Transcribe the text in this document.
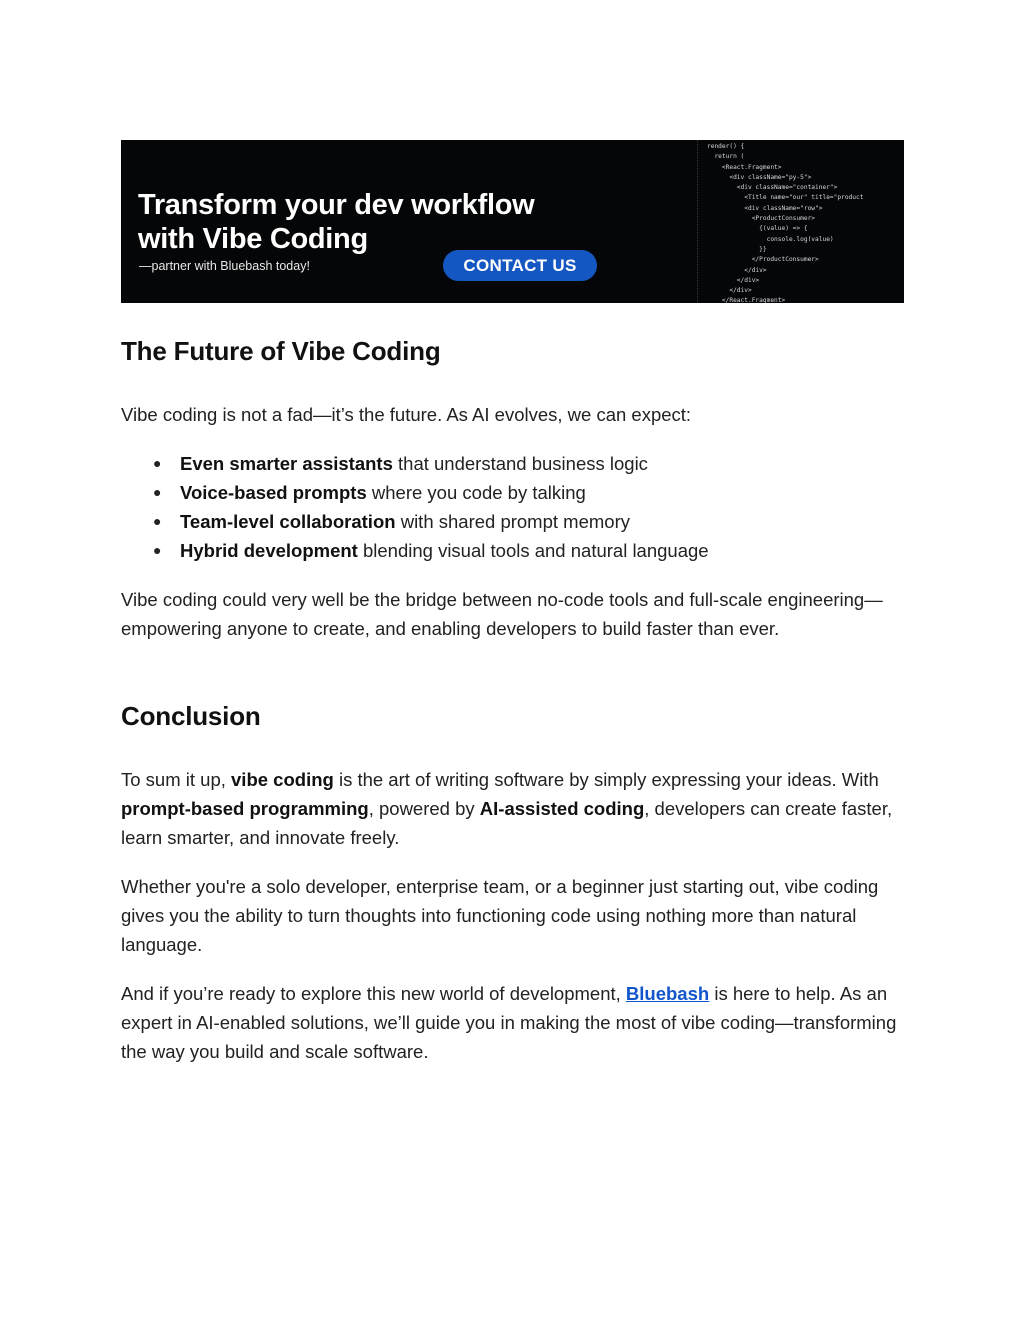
Transform your dev workflow
with Vibe Coding
—partner with Bluebash today!	CONTACT US
render() {
return (
<React.Fragment>
<div className="py-5">
<div className="container">
<Title name="our" title="product
<div className="row">
<ProductConsumer>
{(value) => {
console.log(value)
}}
</ProductConsumer>
</div>
</div>
</div>
</React.Fragment>
The Future of Vibe Coding

Vibe coding is not a fad—it’s the future. As AI evolves, we can expect:

● Even smarter assistants that understand business logic
● Voice-based prompts where you code by talking
● Team-level collaboration with shared prompt memory
● Hybrid development blending visual tools and natural language

Vibe coding could very well be the bridge between no-code tools and full-scale engineering—empowering anyone to create, and enabling developers to build faster than ever.

Conclusion

To sum it up, vibe coding is the art of writing software by simply expressing your ideas. With prompt-based programming, powered by AI-assisted coding, developers can create faster, learn smarter, and innovate freely.

Whether you're a solo developer, enterprise team, or a beginner just starting out, vibe coding gives you the ability to turn thoughts into functioning code using nothing more than natural language.

And if you’re ready to explore this new world of development, Bluebash is here to help. As an expert in AI-enabled solutions, we’ll guide you in making the most of vibe coding—transforming the way you build and scale software.
